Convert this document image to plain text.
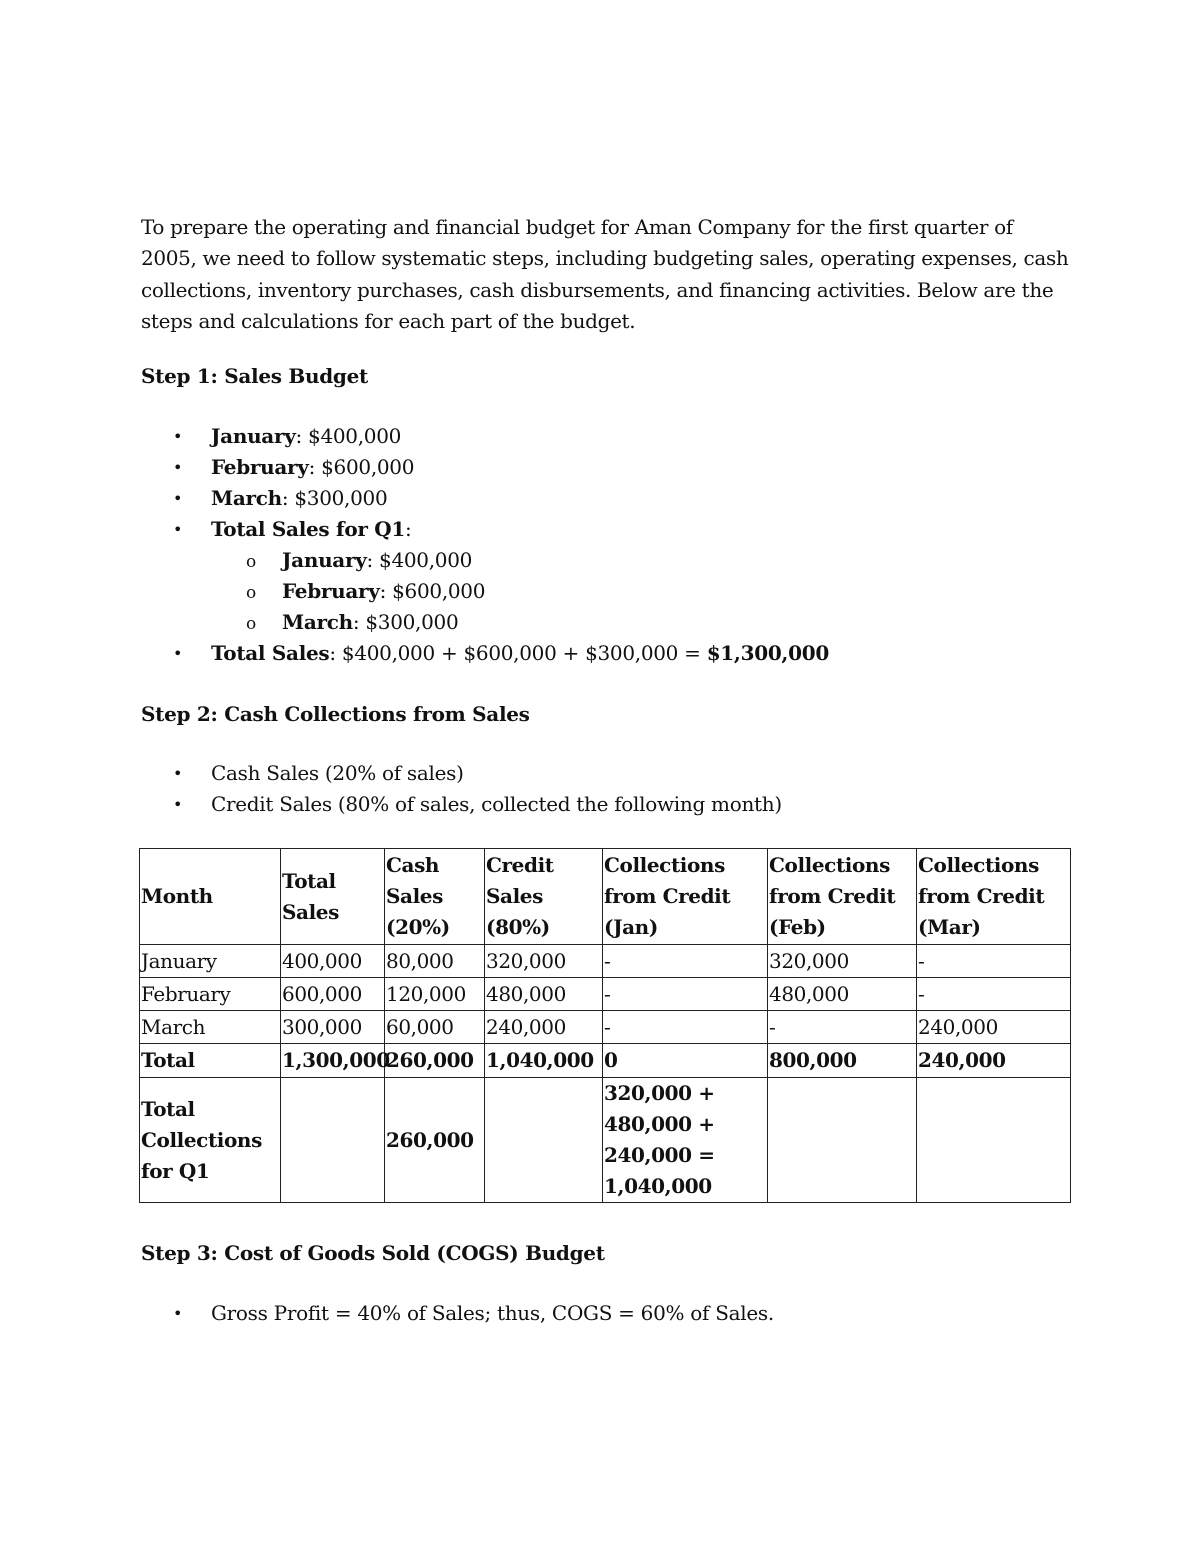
To prepare the operating and financial budget for Aman Company for the first quarter of 2005, we need to follow systematic steps, including budgeting sales, operating expenses, cash collections, inventory purchases, cash disbursements, and financing activities. Below are the steps and calculations for each part of the budget.

Step 1: Sales Budget
• January: $400,000
• February: $600,000
• March: $300,000
• Total Sales for Q1:
o January: $400,000
o February: $600,000
o March: $300,000
• Total Sales: $400,000 + $600,000 + $300,000 = $1,300,000
Step 2: Cash Collections from Sales
• Cash Sales (20% of sales)
• Credit Sales (80% of sales, collected the following month)
Month	Total Sales	Cash Sales (20%)	Credit Sales (80%)	Collections from Credit (Jan)	Collections from Credit (Feb)	Collections from Credit (Mar)
January	400,000	80,000	320,000	-	320,000	-
February	600,000	120,000	480,000	-	480,000	-
March	300,000	60,000	240,000	-	-	240,000
Total	1,300,000	260,000	1,040,000	0	800,000	240,000
Total Collections for Q1		260,000		320,000 +
480,000 +
240,000 =
1,040,000		

Step 3: Cost of Goods Sold (COGS) Budget
• Gross Profit = 40% of Sales; thus, COGS = 60% of Sales.
